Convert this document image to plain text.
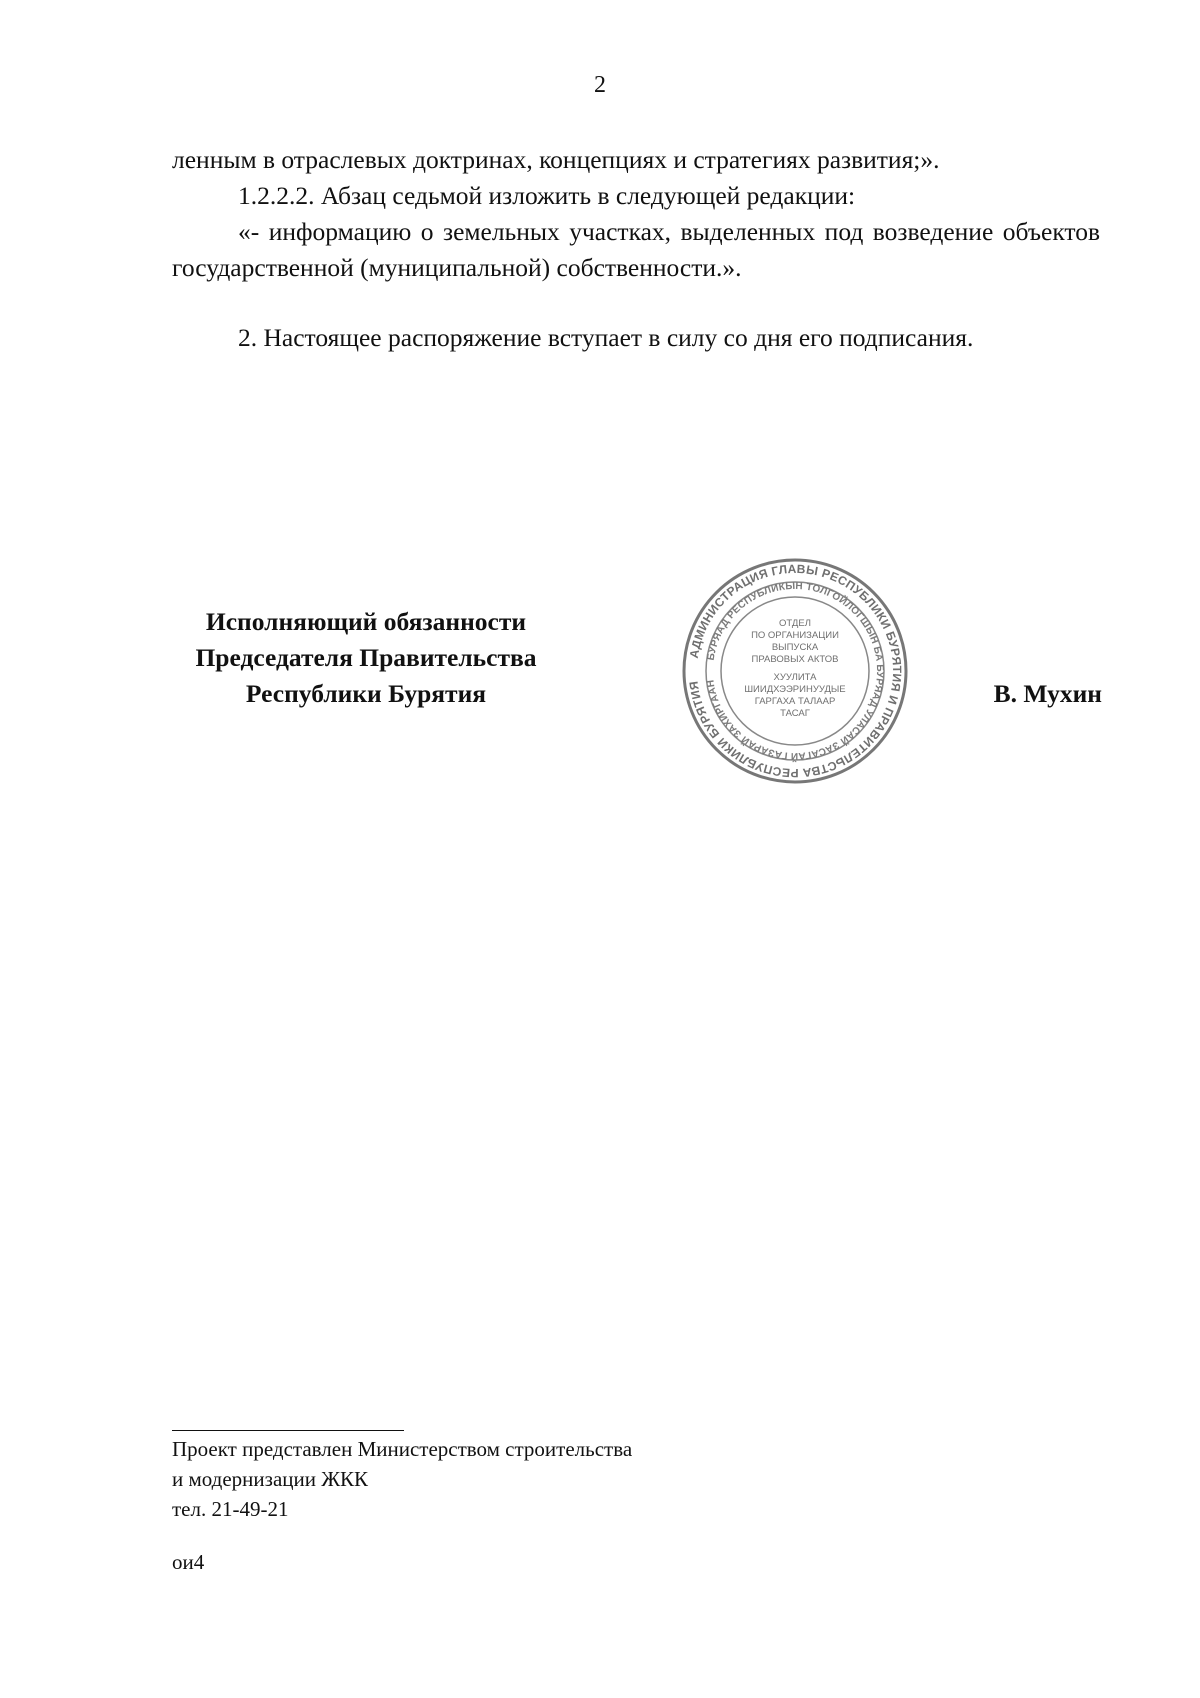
2

ленным в отраслевых доктринах, концепциях и стратегиях развития;».

1.2.2.2. Абзац седьмой изложить в следующей редакции:

«- информацию о земельных участках, выделенных под возведение объектов государственной (муниципальной) собственности.».

2. Настоящее распоряжение вступает в силу со дня его подписания.

Исполняющий обязанности
Председателя Правительства
Республики Бурятия
АДМИНИСТРАЦИЯ ГЛАВЫ РЕСПУБЛИКИ БУРЯТИЯ И ПРАВИТЕЛЬСТВА РЕСПУБЛИКИ БУРЯТИЯ
БУРЯАД РЕСПУБЛИКЫН ТОЛГОЙЛОГШЫН БА БУРЯАД УЛАСАЙ ЗАСАГАЙ ГАЗАРАЙ ЗАХИРГААН
ОТДЕЛ
ПО ОРГАНИЗАЦИИ
ВЫПУСКА
ПРАВОВЫХ АКТОВ
ХУУЛИТА
ШИИДХЭЭРИНУУДЫЕ
ГАРГАХА ТАЛААР
ТАСАГ
В. Мухин

Проект представлен Министерством строительства

и модернизации ЖКК

тел. 21-49-21

ои4
